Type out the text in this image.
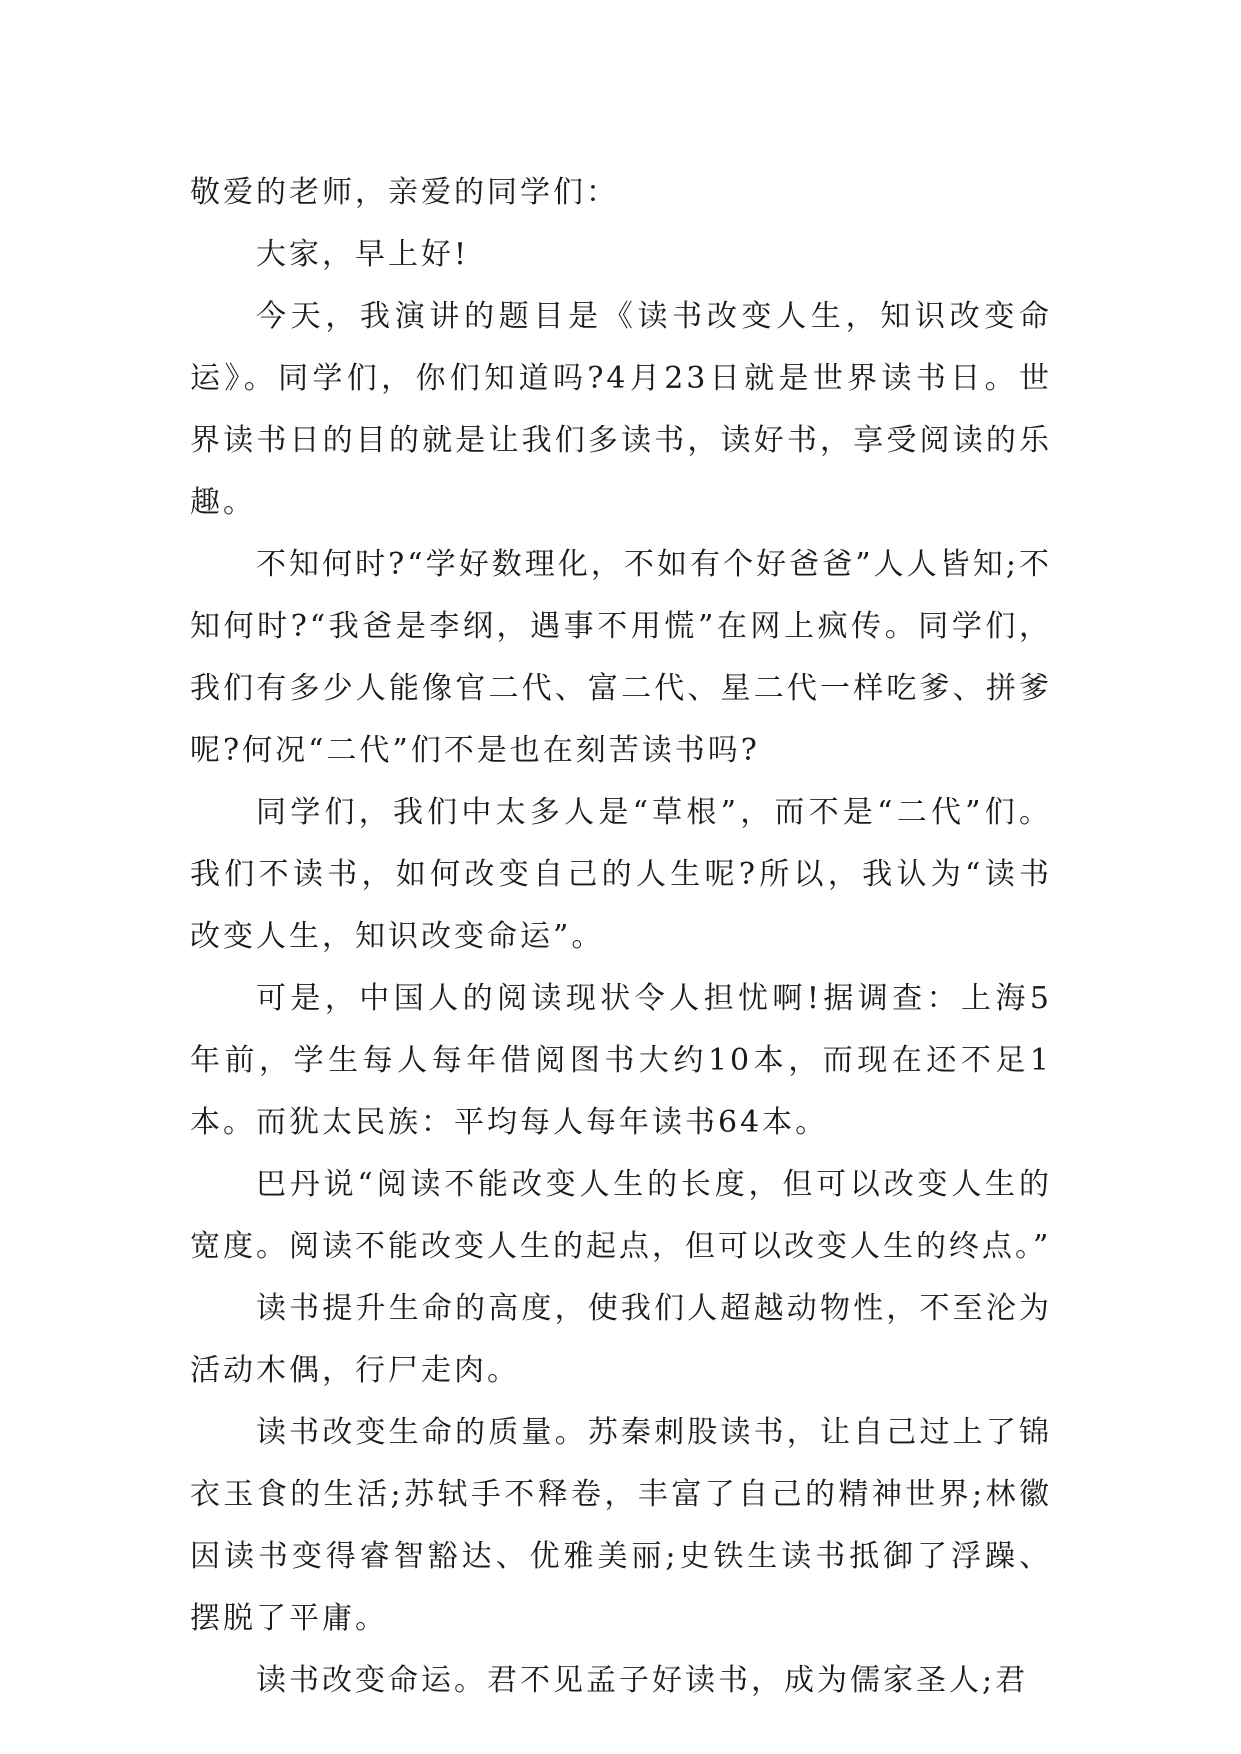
敬爱的老师，亲爱的同学们：

大家，早上好!

今天，我演讲的题目是《读书改变人生，知识改变命运》。同学们，你们知道吗?4月23日就是世界读书日。世界读书日的目的就是让我们多读书，读好书，享受阅读的乐趣。

不知何时?“学好数理化，不如有个好爸爸”人人皆知;不知何时?“我爸是李纲，遇事不用慌”在网上疯传。同学们，我们有多少人能像官二代、富二代、星二代一样吃爹、拼爹呢?何况“二代”们不是也在刻苦读书吗?

同学们，我们中太多人是“草根”，而不是“二代”们。我们不读书，如何改变自己的人生呢?所以，我认为“读书改变人生，知识改变命运”。

可是，中国人的阅读现状令人担忧啊!据调查：上海5年前，学生每人每年借阅图书大约10本，而现在还不足1本。而犹太民族：平均每人每年读书64本。

巴丹说“阅读不能改变人生的长度，但可以改变人生的宽度。阅读不能改变人生的起点，但可以改变人生的终点。”

读书提升生命的高度，使我们人超越动物性，不至沦为活动木偶，行尸走肉。

读书改变生命的质量。苏秦刺股读书，让自己过上了锦衣玉食的生活;苏轼手不释卷，丰富了自己的精神世界;林徽因读书变得睿智豁达、优雅美丽;史铁生读书抵御了浮躁、摆脱了平庸。

读书改变命运。君不见孟子好读书，成为儒家圣人;君
